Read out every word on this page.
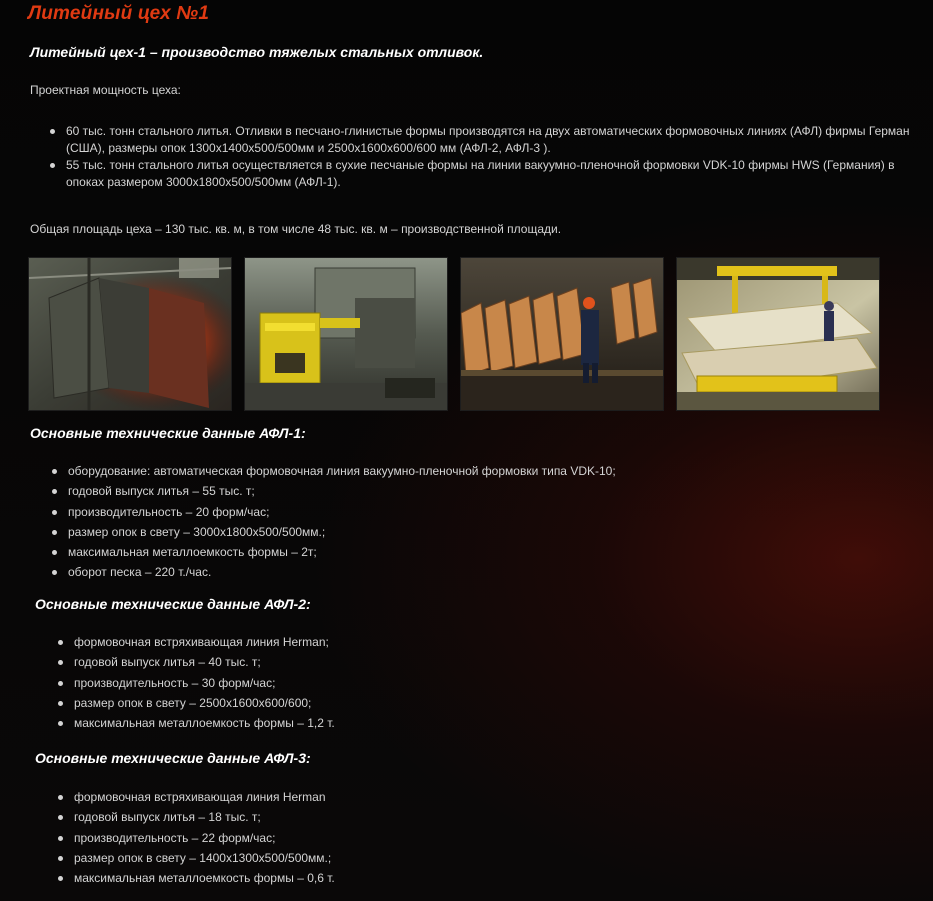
Литейный цех №1

Литейный цех-1 – производство тяжелых стальных отливок.

Проектная мощность цеха:

60 тыс. тонн стального литья. Отливки в песчано-глинистые формы производятся на двух автоматических формовочных линиях (АФЛ) фирмы Герман (США), размеры опок 1300х1400х500/500мм и 2500х1600х600/600 мм (АФЛ-2, АФЛ-3 ).
55 тыс. тонн стального литья осуществляется в сухие песчаные формы на линии вакуумно-пленочной формовки VDK-10 фирмы HWS (Германия) в опоках размером 3000х1800х500/500мм (АФЛ-1).

Общая площадь цеха – 130 тыс. кв. м, в том числе 48 тыс. кв. м – производственной площади.

Основные технические данные АФЛ-1:
оборудование: автоматическая формовочная линия вакуумно-пленочной формовки типа VDK-10;
годовой выпуск литья – 55 тыс. т;
производительность – 20 форм/час;
размер опок в свету – 3000х1800х500/500мм.;
максимальная металлоемкость формы – 2т;
оборот песка – 220 т./час.
Основные технические данные АФЛ-2:
формовочная встряхивающая линия Herman;
годовой выпуск литья – 40 тыс. т;
производительность – 30 форм/час;
размер опок в свету – 2500х1600х600/600;
максимальная металлоемкость формы – 1,2 т.
Основные технические данные АФЛ-3:
формовочная встряхивающая линия Herman
годовой выпуск литья – 18 тыс. т;
производительность – 22 форм/час;
размер опок в свету – 1400х1300х500/500мм.;
максимальная металлоемкость формы – 0,6 т.
